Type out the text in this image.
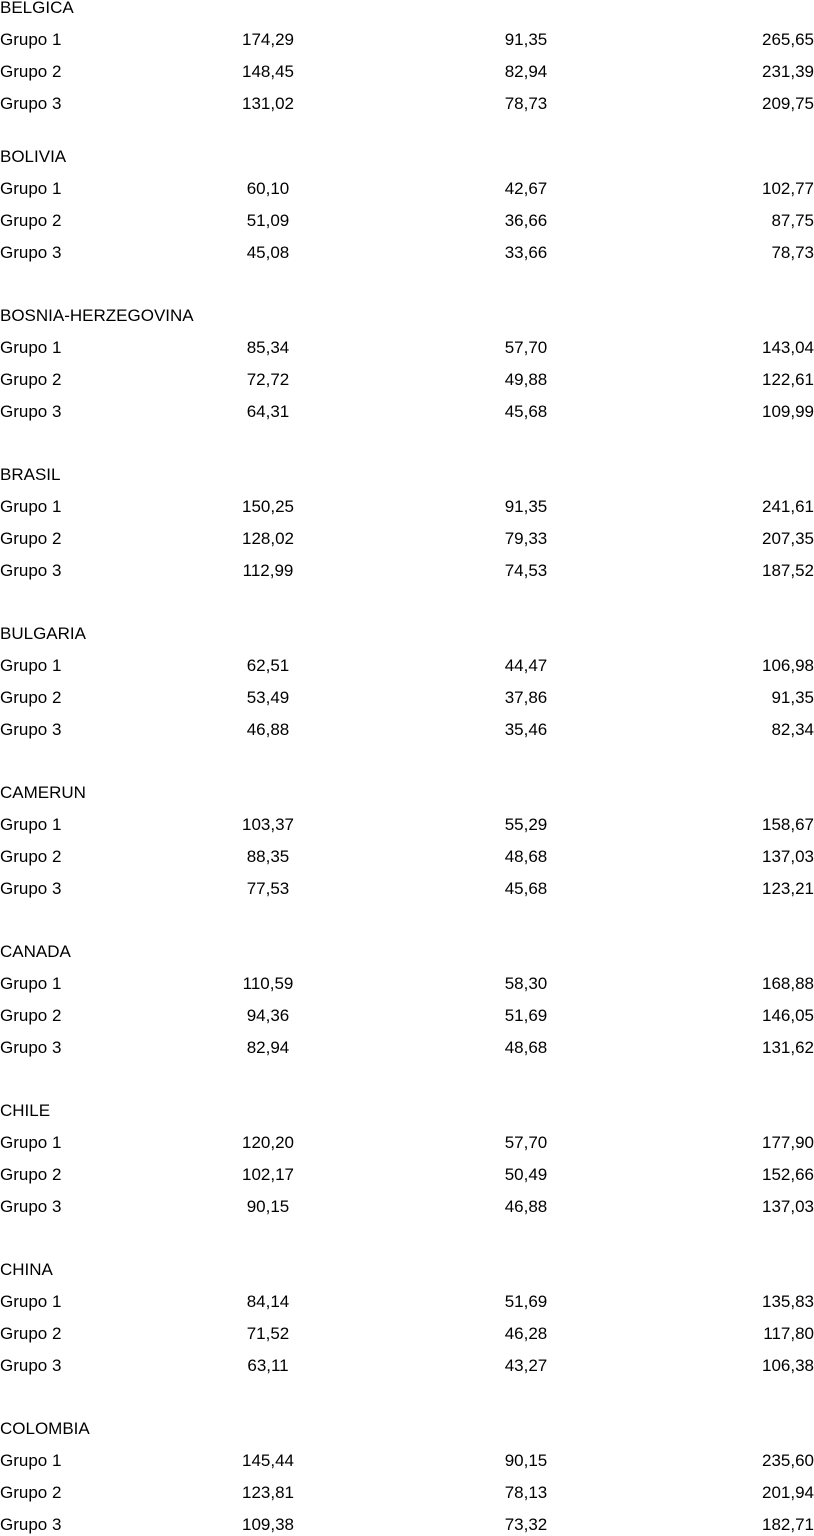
BELGICA
Grupo 1	174,29	91,35	265,65
Grupo 2	148,45	82,94	231,39
Grupo 3	131,02	78,73	209,75
BOLIVIA
Grupo 1	60,10	42,67	102,77
Grupo 2	51,09	36,66	87,75
Grupo 3	45,08	33,66	78,73
BOSNIA-HERZEGOVINA
Grupo 1	85,34	57,70	143,04
Grupo 2	72,72	49,88	122,61
Grupo 3	64,31	45,68	109,99
BRASIL
Grupo 1	150,25	91,35	241,61
Grupo 2	128,02	79,33	207,35
Grupo 3	112,99	74,53	187,52
BULGARIA
Grupo 1	62,51	44,47	106,98
Grupo 2	53,49	37,86	91,35
Grupo 3	46,88	35,46	82,34
CAMERUN
Grupo 1	103,37	55,29	158,67
Grupo 2	88,35	48,68	137,03
Grupo 3	77,53	45,68	123,21
CANADA
Grupo 1	110,59	58,30	168,88
Grupo 2	94,36	51,69	146,05
Grupo 3	82,94	48,68	131,62
CHILE
Grupo 1	120,20	57,70	177,90
Grupo 2	102,17	50,49	152,66
Grupo 3	90,15	46,88	137,03
CHINA
Grupo 1	84,14	51,69	135,83
Grupo 2	71,52	46,28	117,80
Grupo 3	63,11	43,27	106,38
COLOMBIA
Grupo 1	145,44	90,15	235,60
Grupo 2	123,81	78,13	201,94
Grupo 3	109,38	73,32	182,71
